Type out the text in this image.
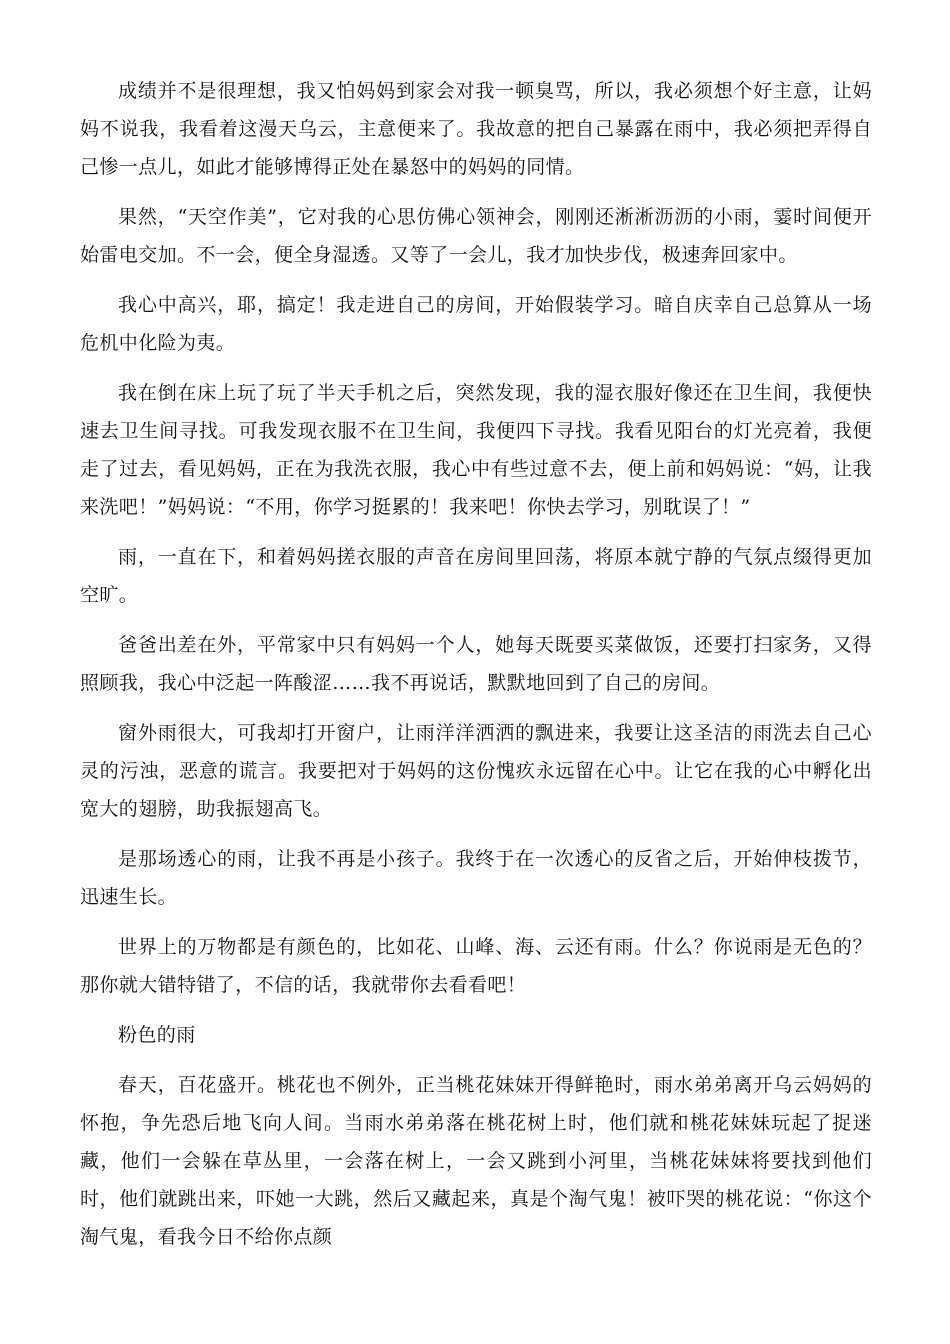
成绩并不是很理想，我又怕妈妈到家会对我一顿臭骂，所以，我必须想个好主意，让妈妈不说我，我看着这漫天乌云，主意便来了。我故意的把自己暴露在雨中，我必须把弄得自己惨一点儿，如此才能够博得正处在暴怒中的妈妈的同情。

果然，“天空作美”，它对我的心思仿佛心领神会，刚刚还淅淅沥沥的小雨，霎时间便开始雷电交加。不一会，便全身湿透。又等了一会儿，我才加快步伐，极速奔回家中。

我心中高兴，耶，搞定！我走进自己的房间，开始假装学习。暗自庆幸自己总算从一场危机中化险为夷。

我在倒在床上玩了玩了半天手机之后，突然发现，我的湿衣服好像还在卫生间，我便快速去卫生间寻找。可我发现衣服不在卫生间，我便四下寻找。我看见阳台的灯光亮着，我便走了过去，看见妈妈，正在为我洗衣服，我心中有些过意不去，便上前和妈妈说：“妈，让我来洗吧！”妈妈说：“不用，你学习挺累的！我来吧！你快去学习，别耽误了！”

雨，一直在下，和着妈妈搓衣服的声音在房间里回荡，将原本就宁静的气氛点缀得更加空旷。

爸爸出差在外，平常家中只有妈妈一个人，她每天既要买菜做饭，还要打扫家务，又得照顾我，我心中泛起一阵酸涩……我不再说话，默默地回到了自己的房间。

窗外雨很大，可我却打开窗户，让雨洋洋洒洒的飘进来，我要让这圣洁的雨洗去自己心灵的污浊，恶意的谎言。我要把对于妈妈的这份愧疚永远留在心中。让它在我的心中孵化出宽大的翅膀，助我振翅高飞。

是那场透心的雨，让我不再是小孩子。我终于在一次透心的反省之后，开始伸枝拨节，迅速生长。

世界上的万物都是有颜色的，比如花、山峰、海、云还有雨。什么？你说雨是无色的？那你就大错特错了，不信的话，我就带你去看看吧！

粉色的雨

春天，百花盛开。桃花也不例外，正当桃花妹妹开得鲜艳时，雨水弟弟离开乌云妈妈的怀抱，争先恐后地飞向人间。当雨水弟弟落在桃花树上时，他们就和桃花妹妹玩起了捉迷藏，他们一会躲在草丛里，一会落在树上，一会又跳到小河里，当桃花妹妹将要找到他们时，他们就跳出来，吓她一大跳，然后又藏起来，真是个淘气鬼！被吓哭的桃花说：“你这个淘气鬼，看我今日不给你点颜
